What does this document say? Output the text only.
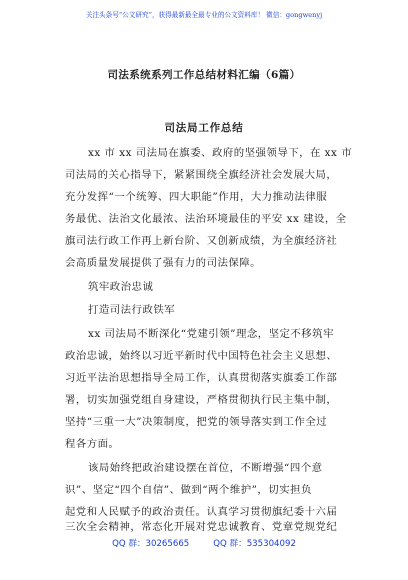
关注头条号“公文研究”，获得最新最全最专业的公文资料库！ 微信：gongwenyj
司法系统系列工作总结材料汇编（6篇）
司法局工作总结
xx 市 xx 司法局在旗委、政府的坚强领导下，在 xx 市
司法局的关心指导下，紧紧围绕全旗经济社会发展大局，
充分发挥“一个统筹、四大职能”作用，大力推动法律服
务最优、法治文化最浓、法治环境最佳的平安 xx 建设，全
旗司法行政工作再上新台阶、又创新成绩，为全旗经济社
会高质量发展提供了强有力的司法保障。
筑牢政治忠诚
打造司法行政铁军
xx 司法局不断深化“党建引领”理念，坚定不移筑牢
政治忠诚，始终以习近平新时代中国特色社会主义思想、
习近平法治思想指导全局工作，认真贯彻落实旗委工作部
署，切实加强党组自身建设，严格贯彻执行民主集中制，
坚持“三重一大”决策制度，把党的领导落实到工作全过
程各方面。
该局始终把政治建设摆在首位，不断增强“四个意
识”、坚定“四个自信”、做到“两个维护”，切实担负
起党和人民赋予的政治责任。认真学习贯彻旗纪委十六届
三次全会精神，常态化开展对党忠诚教育、党章党规党纪
QQ 群：30265665	QQ 群：535304092
